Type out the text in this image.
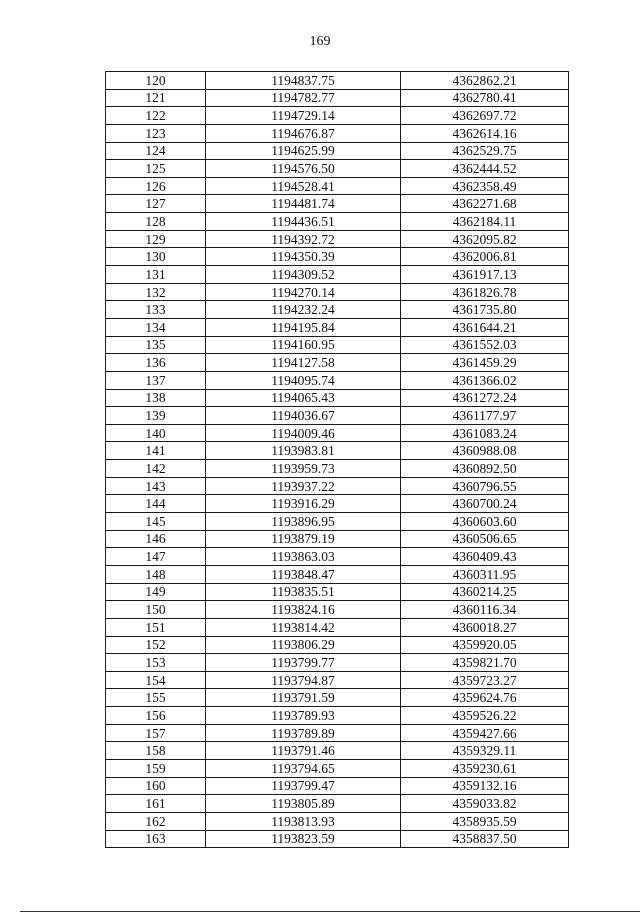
169
120	1194837.75	4362862.21
121	1194782.77	4362780.41
122	1194729.14	4362697.72
123	1194676.87	4362614.16
124	1194625.99	4362529.75
125	1194576.50	4362444.52
126	1194528.41	4362358.49
127	1194481.74	4362271.68
128	1194436.51	4362184.11
129	1194392.72	4362095.82
130	1194350.39	4362006.81
131	1194309.52	4361917.13
132	1194270.14	4361826.78
133	1194232.24	4361735.80
134	1194195.84	4361644.21
135	1194160.95	4361552.03
136	1194127.58	4361459.29
137	1194095.74	4361366.02
138	1194065.43	4361272.24
139	1194036.67	4361177.97
140	1194009.46	4361083.24
141	1193983.81	4360988.08
142	1193959.73	4360892.50
143	1193937.22	4360796.55
144	1193916.29	4360700.24
145	1193896.95	4360603.60
146	1193879.19	4360506.65
147	1193863.03	4360409.43
148	1193848.47	4360311.95
149	1193835.51	4360214.25
150	1193824.16	4360116.34
151	1193814.42	4360018.27
152	1193806.29	4359920.05
153	1193799.77	4359821.70
154	1193794.87	4359723.27
155	1193791.59	4359624.76
156	1193789.93	4359526.22
157	1193789.89	4359427.66
158	1193791.46	4359329.11
159	1193794.65	4359230.61
160	1193799.47	4359132.16
161	1193805.89	4359033.82
162	1193813.93	4358935.59
163	1193823.59	4358837.50
